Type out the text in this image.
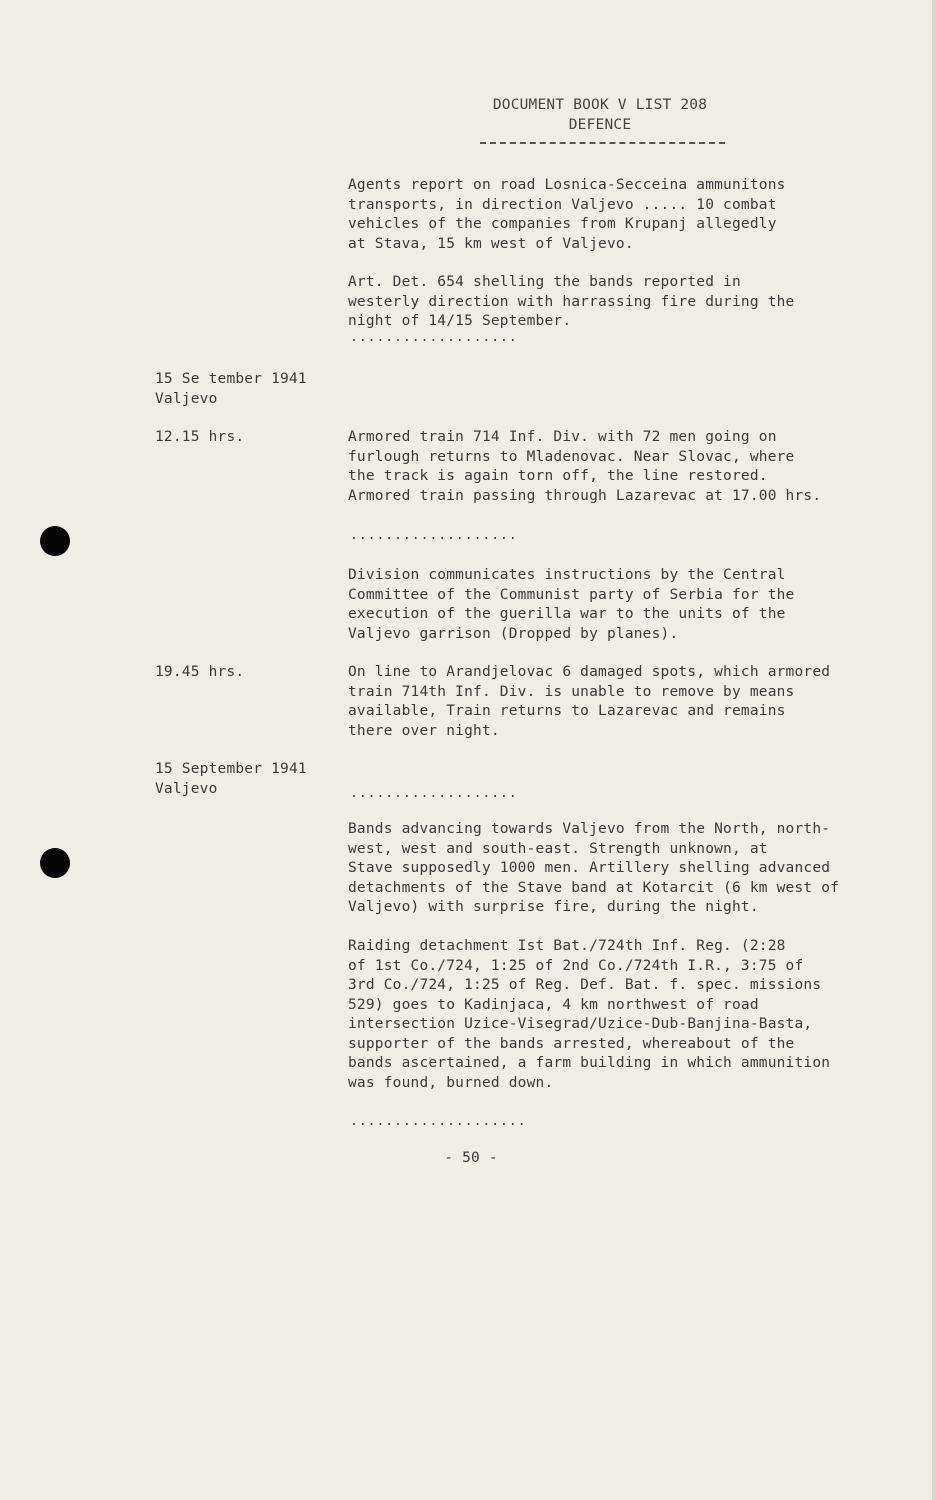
DOCUMENT BOOK V LIST 208
DEFENCE
Agents report on road Losnica-Secceina ammunitons
transports, in direction Valjevo ..... 10 combat
vehicles of the companies from Krupanj allegedly
at Stava, 15 km west of Valjevo.
Art. Det. 654 shelling the bands reported in
westerly direction with harrassing fire during the
night of 14/15 September.
...................
15 Se tember 1941
Valjevo
12.15 hrs.	Armored train 714 Inf. Div. with 72 men going on
furlough returns to Mladenovac. Near Slovac, where
the track is again torn off, the line restored.
Armored train passing through Lazarevac at 17.00 hrs.
...................
Division communicates instructions by the Central
Committee of the Communist party of Serbia for the
execution of the guerilla war to the units of the
Valjevo garrison (Dropped by planes).
19.45 hrs.	On line to Arandjelovac 6 damaged spots, which armored
train 714th Inf. Div. is unable to remove by means
available, Train returns to Lazarevac and remains
there over night.
15 September 1941
Valjevo	...................
Bands advancing towards Valjevo from the North, north-
west, west and south-east. Strength unknown, at
Stave supposedly 1000 men. Artillery shelling advanced
detachments of the Stave band at Kotarcit (6 km west of
Valjevo) with surprise fire, during the night.
Raiding detachment Ist Bat./724th Inf. Reg. (2:28
of 1st Co./724, 1:25 of 2nd Co./724th I.R., 3:75 of
3rd Co./724, 1:25 of Reg. Def. Bat. f. spec. missions
529) goes to Kadinjaca, 4 km northwest of road
intersection Uzice-Visegrad/Uzice-Dub-Banjina-Basta,
supporter of the bands arrested, whereabout of the
bands ascertained, a farm building in which ammunition
was found, burned down.
....................
- 50 -
